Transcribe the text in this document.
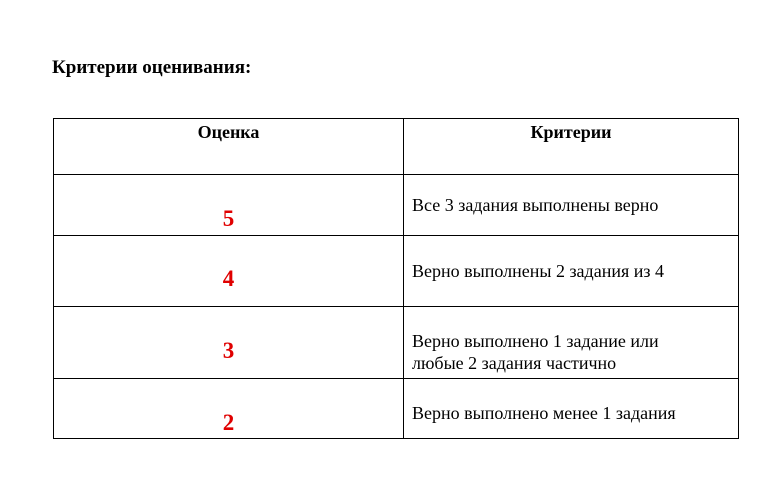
Критерии оценивания:
Оценка	Критерии

5	Все 3 задания выполнены верно

4	Верно выполнены 2 задания из 4

3	Верно выполнено 1 задание или любые 2 задания частично

2	Верно выполнено менее 1 задания
